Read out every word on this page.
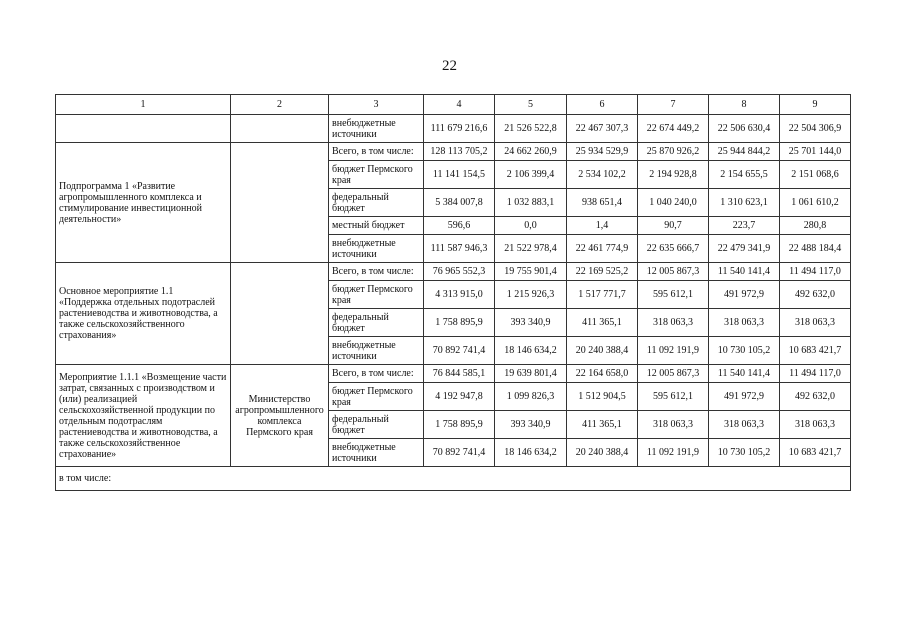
22
1	2	3	4	5	6	7	8	9
		внебюджетные источники	111 679 216,6	21 526 522,8	22 467 307,3	22 674 449,2	22 506 630,4	22 504 306,9
Подпрограмма 1 «Развитие агропромышленного комплекса и стимулирование инвестиционной деятельности»		Всего, в том числе:	128 113 705,2	24 662 260,9	25 934 529,9	25 870 926,2	25 944 844,2	25 701 144,0
		бюджет Пермского края	11 141 154,5	2 106 399,4	2 534 102,2	2 194 928,8	2 154 655,5	2 151 068,6
		федеральный бюджет	5 384 007,8	1 032 883,1	938 651,4	1 040 240,0	1 310 623,1	1 061 610,2
		местный бюджет	596,6	0,0	1,4	90,7	223,7	280,8
		внебюджетные источники	111 587 946,3	21 522 978,4	22 461 774,9	22 635 666,7	22 479 341,9	22 488 184,4
Основное мероприятие 1.1 «Поддержка отдельных подотраслей растениеводства и животноводства, а также сельскохозяйственного страхования»		Всего, в том числе:	76 965 552,3	19 755 901,4	22 169 525,2	12 005 867,3	11 540 141,4	11 494 117,0
		бюджет Пермского края	4 313 915,0	1 215 926,3	1 517 771,7	595 612,1	491 972,9	492 632,0
		федеральный бюджет	1 758 895,9	393 340,9	411 365,1	318 063,3	318 063,3	318 063,3
		внебюджетные источники	70 892 741,4	18 146 634,2	20 240 388,4	11 092 191,9	10 730 105,2	10 683 421,7
Мероприятие 1.1.1 «Возмещение части затрат, связанных с производством и (или) реализацией сельскохозяйственной продукции по отдельным подотраслям растениеводства и животноводства, а также сельскохозяйственное страхование»	Министерство агропромышленного комплекса Пермского края	Всего, в том числе:	76 844 585,1	19 639 801,4	22 164 658,0	12 005 867,3	11 540 141,4	11 494 117,0
		бюджет Пермского края	4 192 947,8	1 099 826,3	1 512 904,5	595 612,1	491 972,9	492 632,0
		федеральный бюджет	1 758 895,9	393 340,9	411 365,1	318 063,3	318 063,3	318 063,3
		внебюджетные источники	70 892 741,4	18 146 634,2	20 240 388,4	11 092 191,9	10 730 105,2	10 683 421,7
в том числе:								
